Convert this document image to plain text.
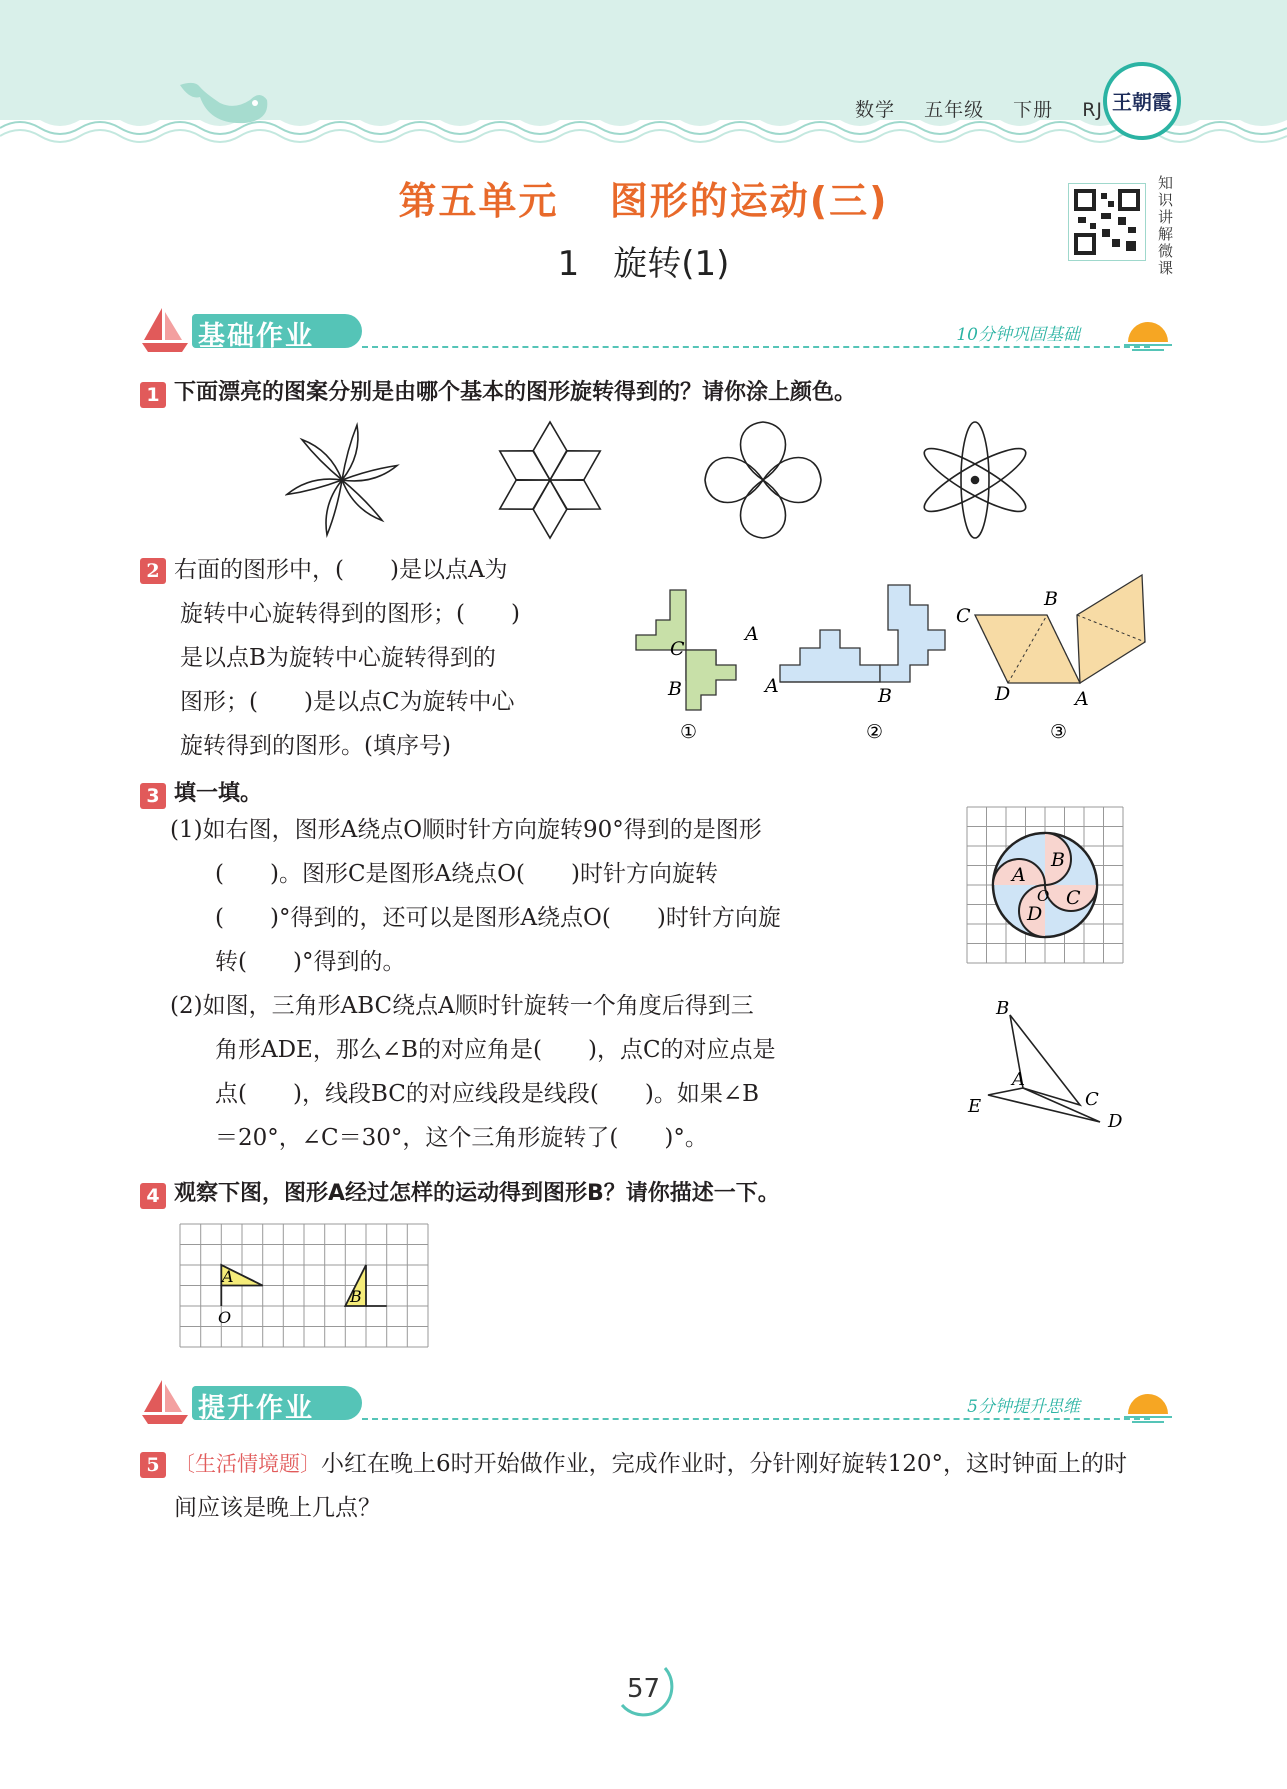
数学 五年级 下册 RJ 王朝霞
第五单元 图形的运动(三)
1　旋转(1)
知识讲解微课
基础作业	10分钟巩固基础
1 下面漂亮的图案分别是由哪个基本的图形旋转得到的？请你涂上颜色。
2 右面的图形中，(　　)是以点A为
旋转中心旋转得到的图形；(　　)
是以点B为旋转中心旋转得到的
图形；(　　)是以点C为旋转中心
旋转得到的图形。(填序号)
C
A
B
①
A	B
②
C
B
D	A
③
3 填一填。
(1)如右图，图形A绕点O顺时针方向旋转90°得到的是图形
(　　)。图形C是图形A绕点O(　　)时针方向旋转
(　　)°得到的，还可以是图形A绕点O(　　)时针方向旋
转(　　)°得到的。
(2)如图，三角形ABC绕点A顺时针旋转一个角度后得到三
角形ADE，那么∠B的对应角是(　　)，点C的对应点是
点(　　)，线段BC的对应线段是线段(　　)。如果∠B
＝20°，∠C＝30°，这个三角形旋转了(　　)°。
A
B
C
D
O
B
A
C
D
E
4 观察下图，图形A经过怎样的运动得到图形B？请你描述一下。
A
B
O
提升作业	5分钟提升思维
5 〔生活情境题〕小红在晚上6时开始做作业，完成作业时，分针刚好旋转120°，这时钟面上的时
间应该是晚上几点？
57
